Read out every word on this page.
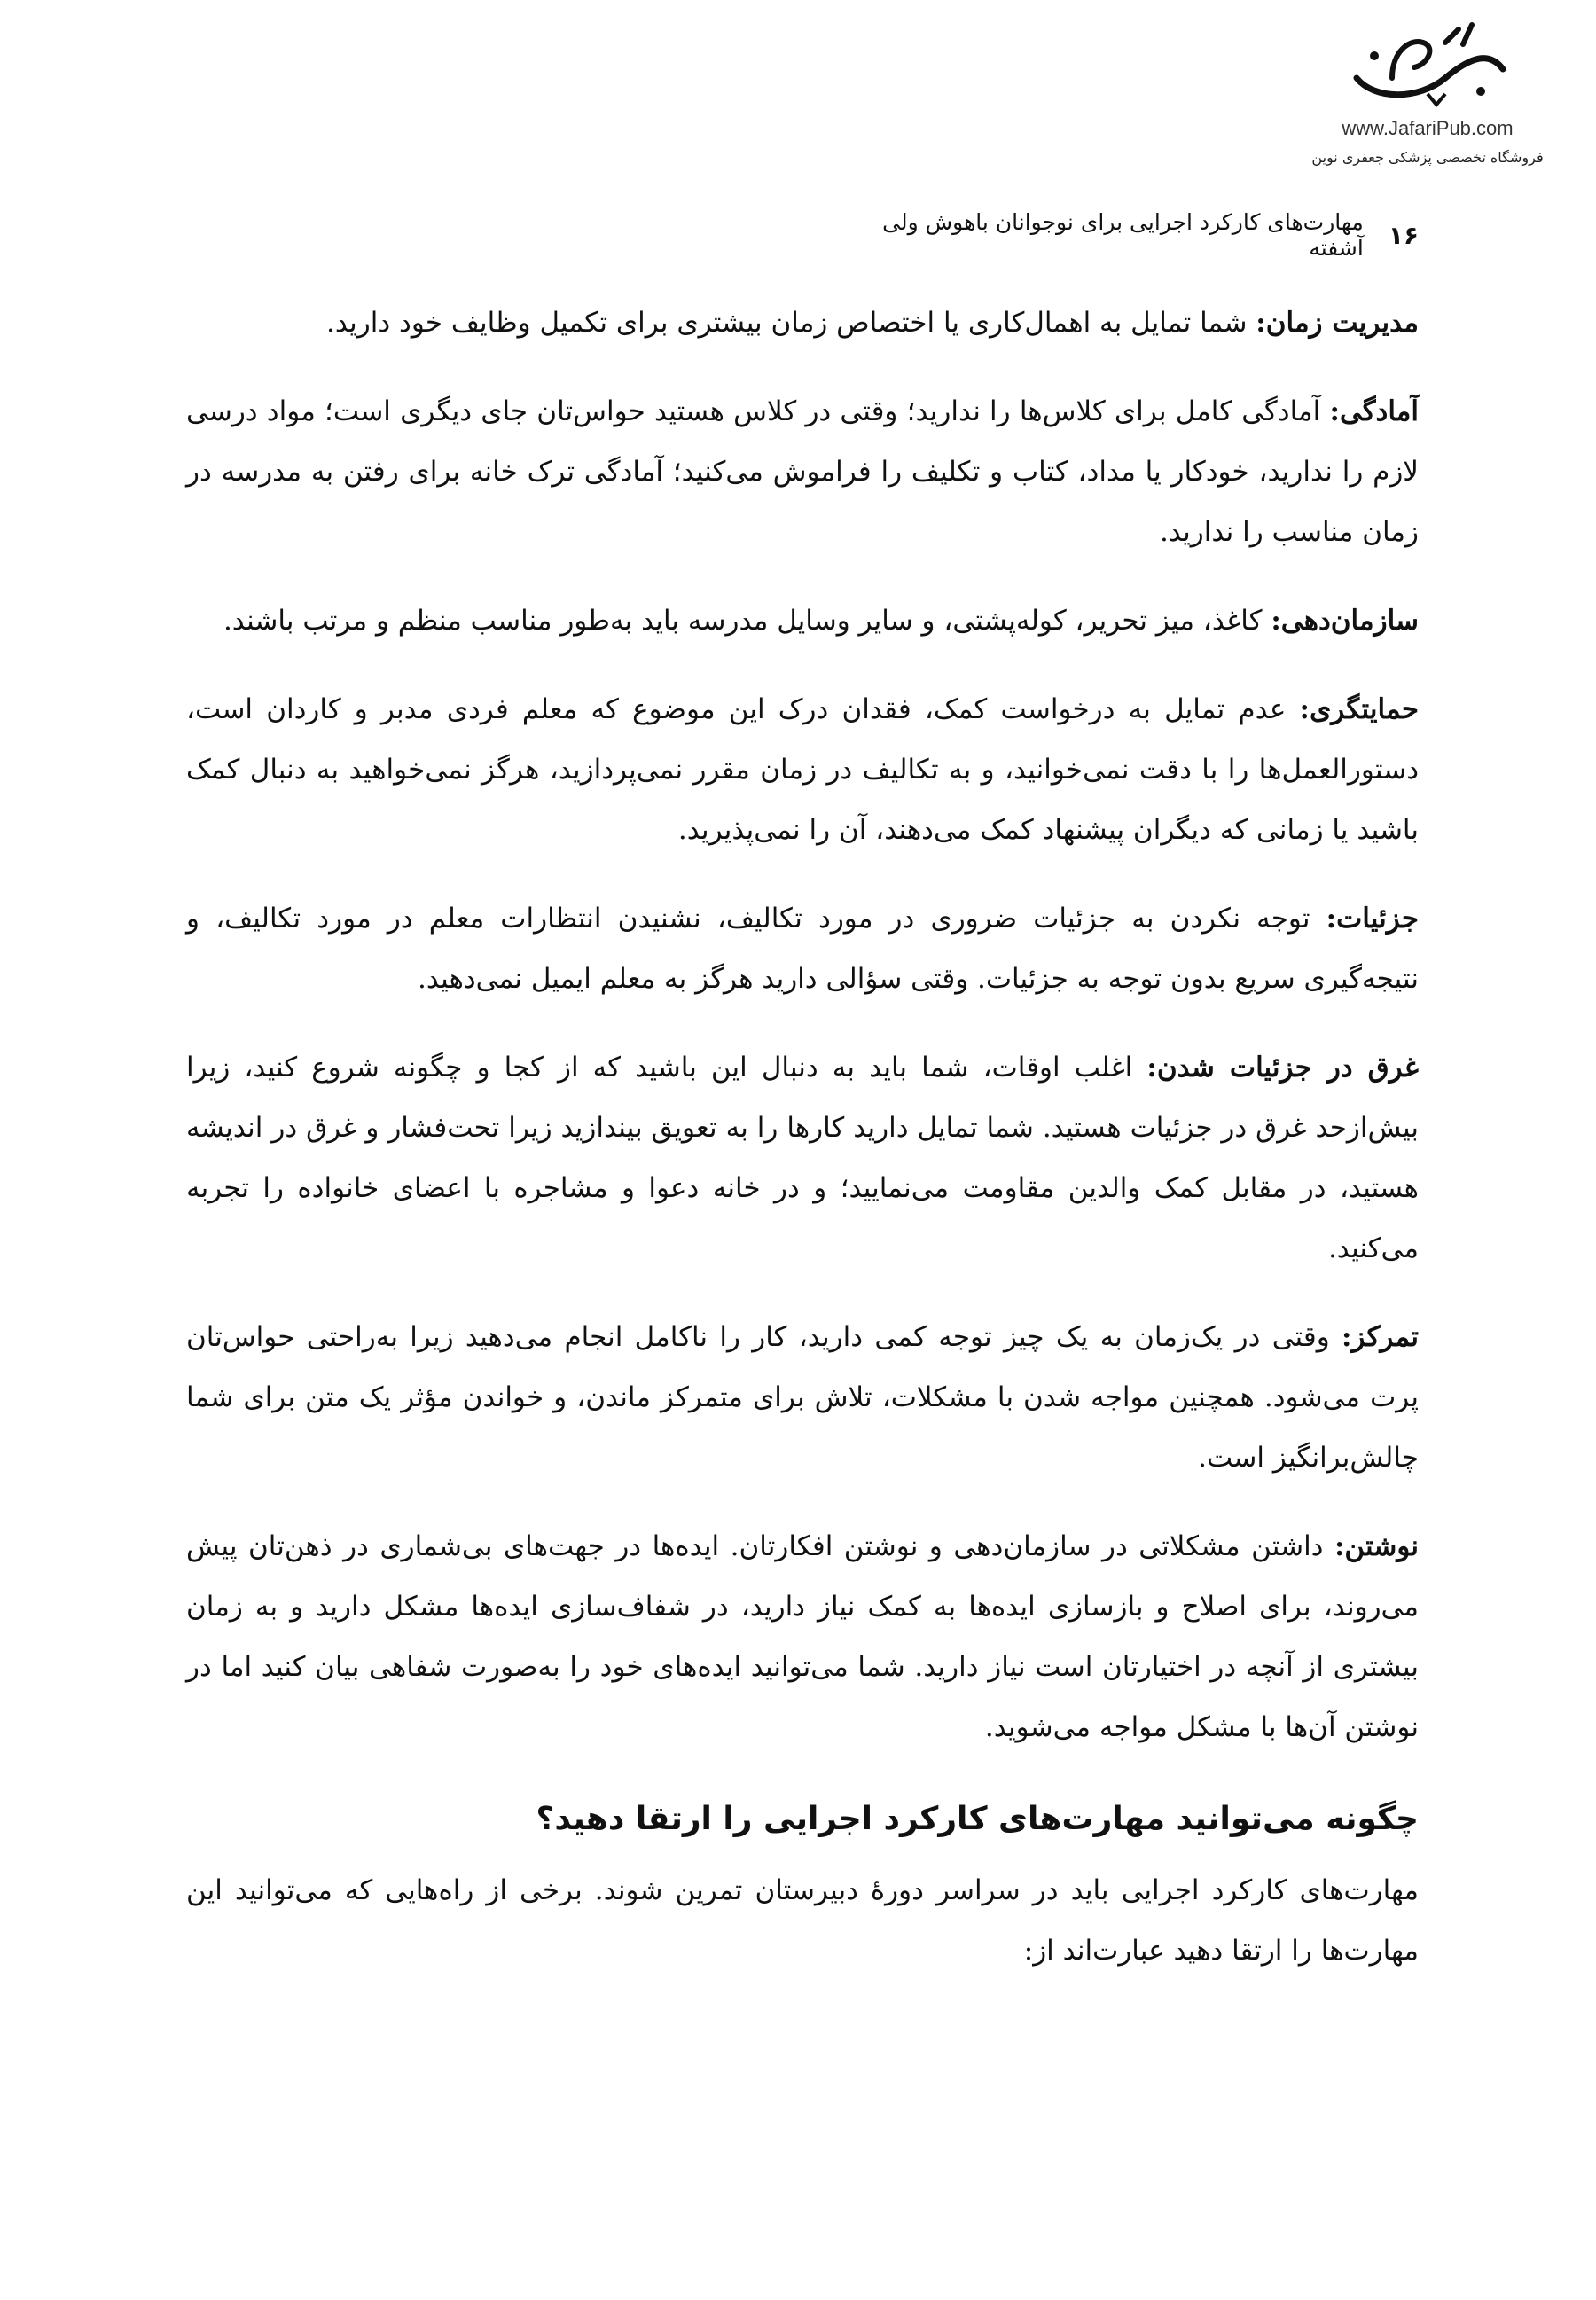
www.JafariPub.com
فروشگاه تخصصی پزشکی جعفری نوین
۱۶
مهارت‌های کارکرد اجرایی برای نوجوانان باهوش ولی آشفته

مدیریت زمان: شما تمایل به اهمال‌کاری یا اختصاص زمان بیشتری برای تکمیل وظایف خود دارید.

آمادگی: آمادگی کامل برای کلاس‌ها را ندارید؛ وقتی در کلاس هستید حواس‌تان جای دیگری است؛ مواد درسی لازم را ندارید، خودکار یا مداد، کتاب و تکلیف را فراموش می‌کنید؛ آمادگی ترک خانه برای رفتن به مدرسه در زمان مناسب را ندارید.

سازمان‌دهی: کاغذ، میز تحریر، کوله‌پشتی، و سایر وسایل مدرسه باید به‌طور مناسب منظم و مرتب باشند.

حمایتگری: عدم تمایل به درخواست کمک، فقدان درک این موضوع که معلم فردی مدبر و کاردان است، دستورالعمل‌ها را با دقت نمی‌خوانید، و به تکالیف در زمان مقرر نمی‌پردازید، هرگز نمی‌خواهید به دنبال کمک باشید یا زمانی که دیگران پیشنهاد کمک می‌دهند، آن را نمی‌پذیرید.

جزئیات: توجه نکردن به جزئیات ضروری در مورد تکالیف، نشنیدن انتظارات معلم در مورد تکالیف، و نتیجه‌گیری سریع بدون توجه به جزئیات. وقتی سؤالی دارید هرگز به معلم ایمیل نمی‌دهید.

غرق در جزئیات شدن: اغلب اوقات، شما باید به دنبال این باشید که از کجا و چگونه شروع کنید، زیرا بیش‌ازحد غرق در جزئیات هستید. شما تمایل دارید کارها را به تعویق بیندازید زیرا تحت‌فشار و غرق در اندیشه هستید، در مقابل کمک والدین مقاومت می‌نمایید؛ و در خانه دعوا و مشاجره با اعضای خانواده را تجربه می‌کنید.

تمرکز: وقتی در یک‌زمان به یک چیز توجه کمی دارید، کار را ناکامل انجام می‌دهید زیرا به‌راحتی حواس‌تان پرت می‌شود. همچنین مواجه شدن با مشکلات، تلاش برای متمرکز ماندن، و خواندن مؤثر یک متن برای شما چالش‌برانگیز است.

نوشتن: داشتن مشکلاتی در سازمان‌دهی و نوشتن افکارتان. ایده‌ها در جهت‌های بی‌شماری در ذهن‌تان پیش می‌روند، برای اصلاح و بازسازی ایده‌ها به کمک نیاز دارید، در شفاف‌سازی ایده‌ها مشکل دارید و به زمان بیشتری از آنچه در اختیارتان است نیاز دارید. شما می‌توانید ایده‌های خود را به‌صورت شفاهی بیان کنید اما در نوشتن آن‌ها با مشکل مواجه می‌شوید.

چگونه می‌توانید مهارت‌های کارکرد اجرایی را ارتقا دهید؟

مهارت‌های کارکرد اجرایی باید در سراسر دورهٔ دبیرستان تمرین شوند. برخی از راه‌هایی که می‌توانید این مهارت‌ها را ارتقا دهید عبارت‌اند از:
